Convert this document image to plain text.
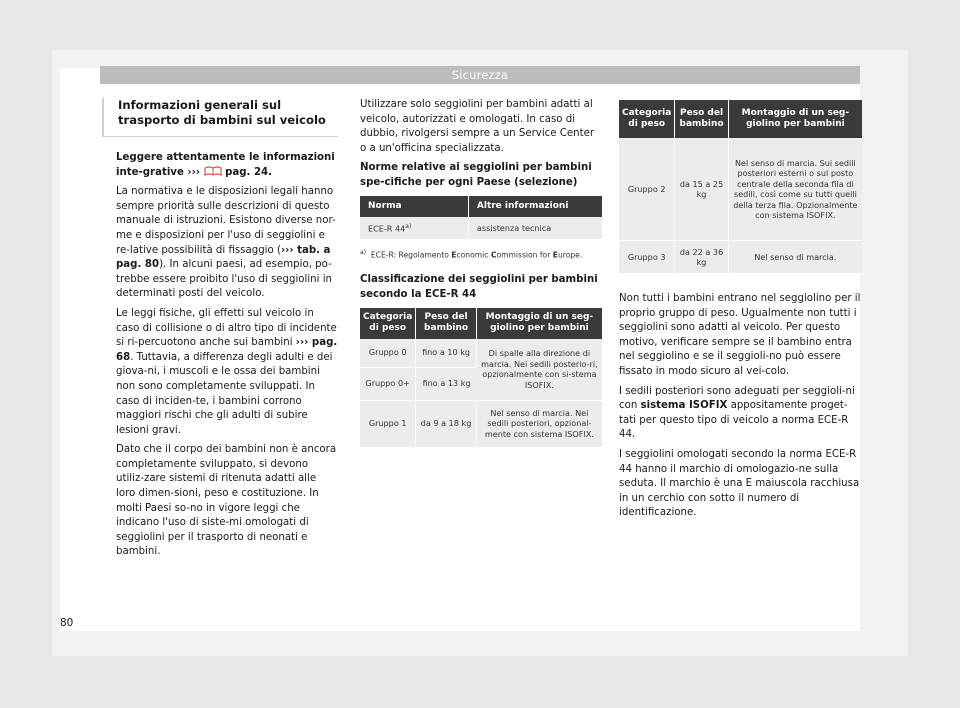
Sicurezza
Informazioni generali sul trasporto di bambini sul veicolo

Leggere attentamente le informazioni inte-grative ››› pag. 24.

La normativa e le disposizioni legali hanno sempre priorità sulle descrizioni di questo manuale di istruzioni. Esistono diverse nor-me e disposizioni per l'uso di seggiolini e re-lative possibilità di fissaggio (››› tab. a pag. 80). In alcuni paesi, ad esempio, po-trebbe essere proibito l'uso di seggiolini in determinati posti del veicolo.

Le leggi fisiche, gli effetti sul veicolo in caso di collisione o di altro tipo di incidente si ri-percuotono anche sui bambini ››› pag. 68. Tuttavia, a differenza degli adulti e dei giova-ni, i muscoli e le ossa dei bambini non sono completamente sviluppati. In caso di inciden-te, i bambini corrono maggiori rischi che gli adulti di subire lesioni gravi.

Dato che il corpo dei bambini non è ancora completamente sviluppato, si devono utiliz-zare sistemi di ritenuta adatti alle loro dimen-sioni, peso e costituzione. In molti Paesi so-no in vigore leggi che indicano l'uso di siste-mi omologati di seggiolini per il trasporto di neonati e bambini.

Utilizzare solo seggiolini per bambini adatti al veicolo, autorizzati e omologati. In caso di dubbio, rivolgersi sempre a un Service Center o a un'officina specializzata.

Norme relative ai seggiolini per bambini spe-cifiche per ogni Paese (selezione)

Norma	Altre informazioni
ECE-R 44$^{a)}$	assistenza tecnica
$^{a)}$ ECE-R: Regolamento Economic Commission for Europe.

Classificazione dei seggiolini per bambini secondo la ECE-R 44

Categoria di peso	Peso del bambino	Montaggio di un seg-giolino per bambini
Gruppo 0	fino a 10 kg	Di spalle alla direzione di marcia. Nei sedili posterio-ri, opzionalmente con si-stema ISOFIX.
Gruppo 0+	fino a 13 kg	
Gruppo 1	da 9 a 18 kg	Nel senso di marcia. Nei sedili posteriori, opzional-mente con sistema ISOFIX.
Categoria di peso	Peso del bambino	Montaggio di un seg-giolino per bambini
Gruppo 2	da 15 a 25 kg	Nel senso di marcia. Sui sedili posteriori esterni o sul posto centrale della seconda fila di sedili, così come su tutti quelli della terza fila. Opzionalmente con sistema ISOFIX.
Gruppo 3	da 22 a 36 kg	Nel senso di marcia.

Non tutti i bambini entrano nel seggiolino per il proprio gruppo di peso. Ugualmente non tutti i seggiolini sono adatti al veicolo. Per questo motivo, verificare sempre se il bambino entra nel seggiolino e se il seggioli-no può essere fissato in modo sicuro al vei-colo.

I sedili posteriori sono adeguati per seggioli-ni con sistema ISOFIX appositamente proget-tati per questo tipo di veicolo a norma ECE-R 44.

I seggiolini omologati secondo la norma ECE-R 44 hanno il marchio di omologazio-ne sulla seduta. Il marchio è una E maiuscola racchiusa in un cerchio con sotto il numero di identificazione.

80
